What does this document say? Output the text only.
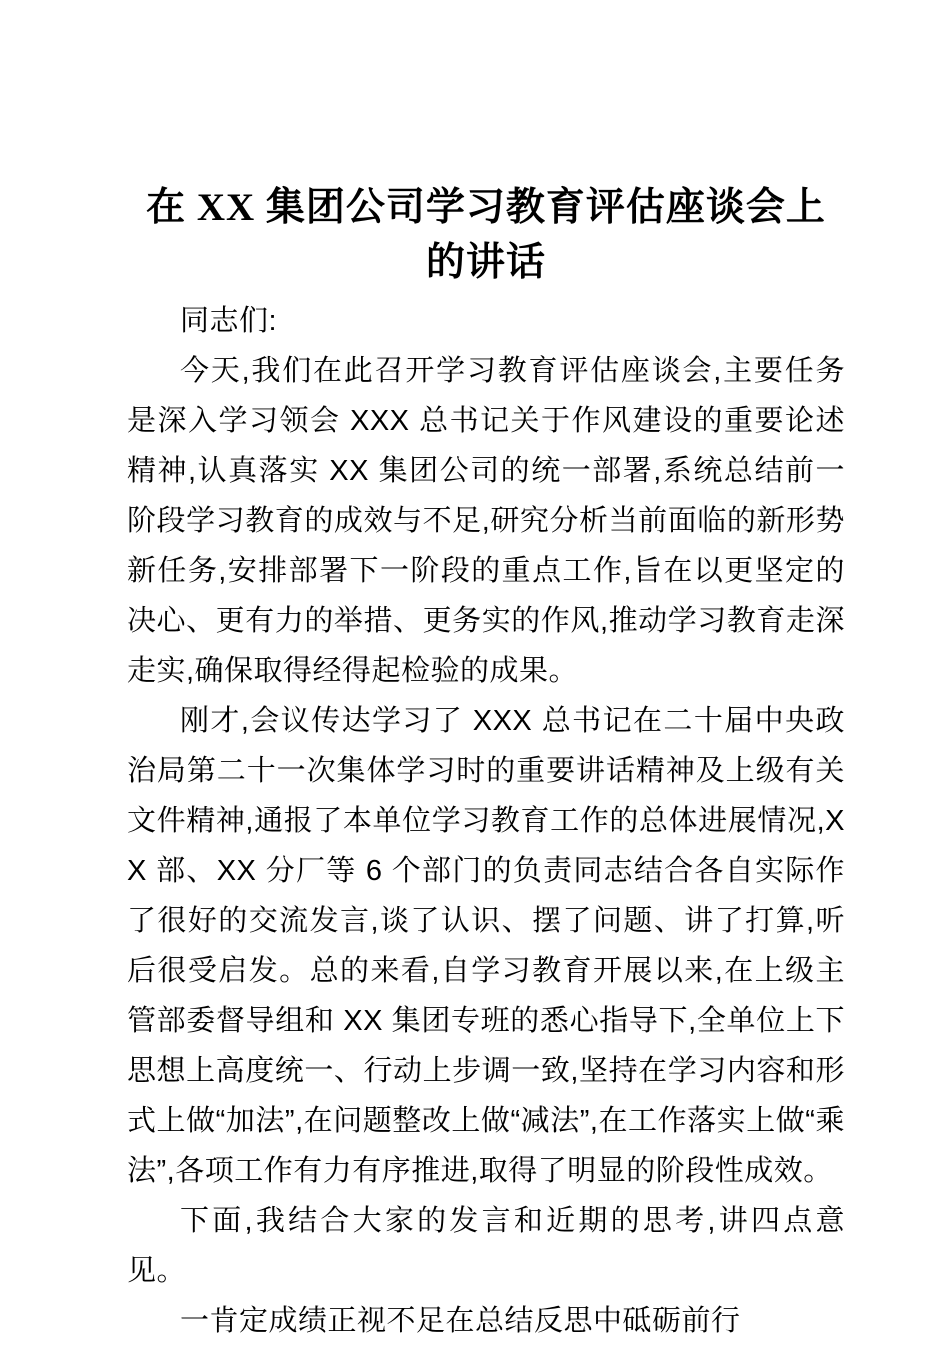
在 XX 集团公司学习教育评估座谈会上的讲话

同志们:

今天,我们在此召开学习教育评估座谈会,主要任务是深入学习领会 XXX 总书记关于作风建设的重要论述精神,认真落实 XX 集团公司的统一部署,系统总结前一阶段学习教育的成效与不足,研究分析当前面临的新形势新任务,安排部署下一阶段的重点工作,旨在以更坚定的决心、更有力的举措、更务实的作风,推动学习教育走深走实,确保取得经得起检验的成果。

刚才,会议传达学习了 XXX 总书记在二十届中央政治局第二十一次集体学习时的重要讲话精神及上级有关文件精神,通报了本单位学习教育工作的总体进展情况,XX 部、XX 分厂等 6 个部门的负责同志结合各自实际作了很好的交流发言,谈了认识、摆了问题、讲了打算,听后很受启发。总的来看,自学习教育开展以来,在上级主管部委督导组和 XX 集团专班的悉心指导下,全单位上下思想上高度统一、行动上步调一致,坚持在学习内容和形式上做“加法”,在问题整改上做“减法”,在工作落实上做“乘法”,各项工作有力有序推进,取得了明显的阶段性成效。

下面,我结合大家的发言和近期的思考,讲四点意见。

一肯定成绩正视不足在总结反思中砥砺前行
